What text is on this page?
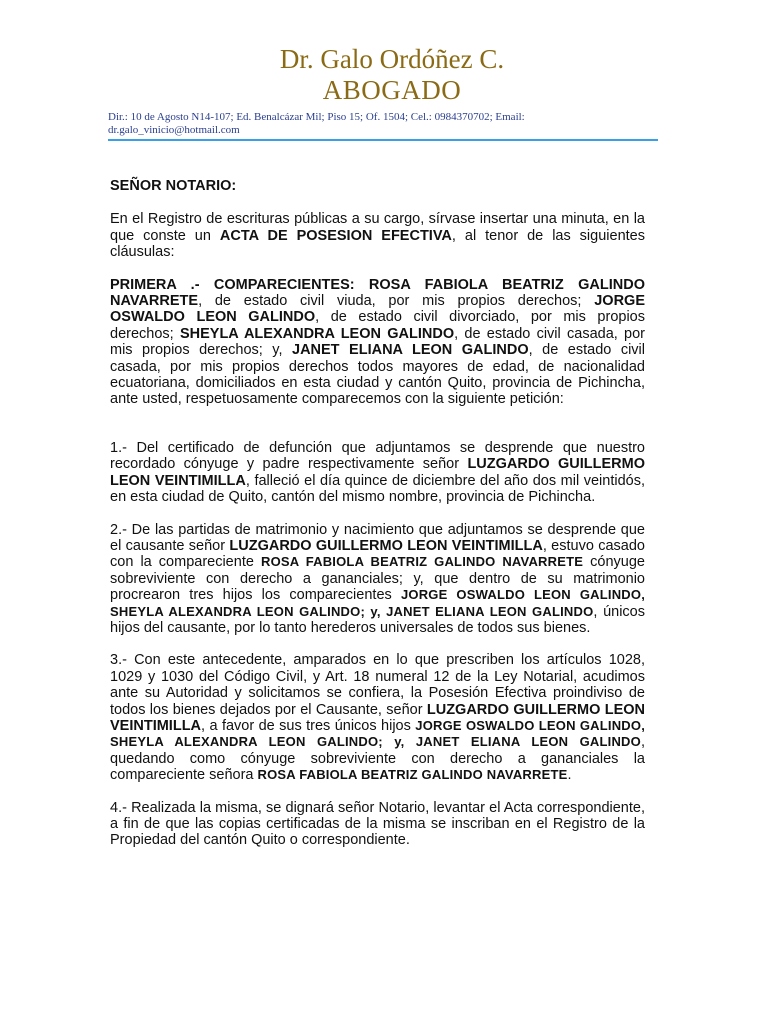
Dr. Galo Ordóñez C.
ABOGADO
Dir.: 10 de Agosto N14-107; Ed. Benalcázar Mil; Piso 15; Of. 1504; Cel.: 0984370702; Email:
dr.galo_vinicio@hotmail.com

SEÑOR NOTARIO:

En el Registro de escrituras públicas a su cargo, sírvase insertar una minuta, en la que conste un ACTA DE POSESION EFECTIVA, al tenor de las siguientes cláusulas:

PRIMERA .- COMPARECIENTES: ROSA FABIOLA BEATRIZ GALINDO NAVARRETE, de estado civil viuda, por mis propios derechos; JORGE OSWALDO LEON GALINDO, de estado civil divorciado, por mis propios derechos; SHEYLA ALEXANDRA LEON GALINDO, de estado civil casada, por mis propios derechos; y, JANET ELIANA LEON GALINDO, de estado civil casada, por mis propios derechos todos mayores de edad, de nacionalidad ecuatoriana, domiciliados en esta ciudad y cantón Quito, provincia de Pichincha, ante usted, respetuosamente comparecemos con la siguiente petición:

1.- Del certificado de defunción que adjuntamos se desprende que nuestro recordado cónyuge y padre respectivamente señor LUZGARDO GUILLERMO LEON VEINTIMILLA, falleció el día quince de diciembre del año dos mil veintidós, en esta ciudad de Quito, cantón del mismo nombre, provincia de Pichincha.

2.- De las partidas de matrimonio y nacimiento que adjuntamos se desprende que el causante señor LUZGARDO GUILLERMO LEON VEINTIMILLA, estuvo casado con la compareciente ROSA FABIOLA BEATRIZ GALINDO NAVARRETE cónyuge sobreviviente con derecho a gananciales; y, que dentro de su matrimonio procrearon tres hijos los comparecientes JORGE OSWALDO LEON GALINDO, SHEYLA ALEXANDRA LEON GALINDO; y, JANET ELIANA LEON GALINDO, únicos hijos del causante, por lo tanto herederos universales de todos sus bienes.

3.- Con este antecedente, amparados en lo que prescriben los artículos 1028, 1029 y 1030 del Código Civil, y Art. 18 numeral 12 de la Ley Notarial, acudimos ante su Autoridad y solicitamos se confiera, la Posesión Efectiva proindiviso de todos los bienes dejados por el Causante, señor LUZGARDO GUILLERMO LEON VEINTIMILLA, a favor de sus tres únicos hijos JORGE OSWALDO LEON GALINDO, SHEYLA ALEXANDRA LEON GALINDO; y, JANET ELIANA LEON GALINDO, quedando como cónyuge sobreviviente con derecho a gananciales la compareciente señora ROSA FABIOLA BEATRIZ GALINDO NAVARRETE.

4.- Realizada la misma, se dignará señor Notario, levantar el Acta correspondiente, a fin de que las copias certificadas de la misma se inscriban en el Registro de la Propiedad del cantón Quito o correspondiente.
